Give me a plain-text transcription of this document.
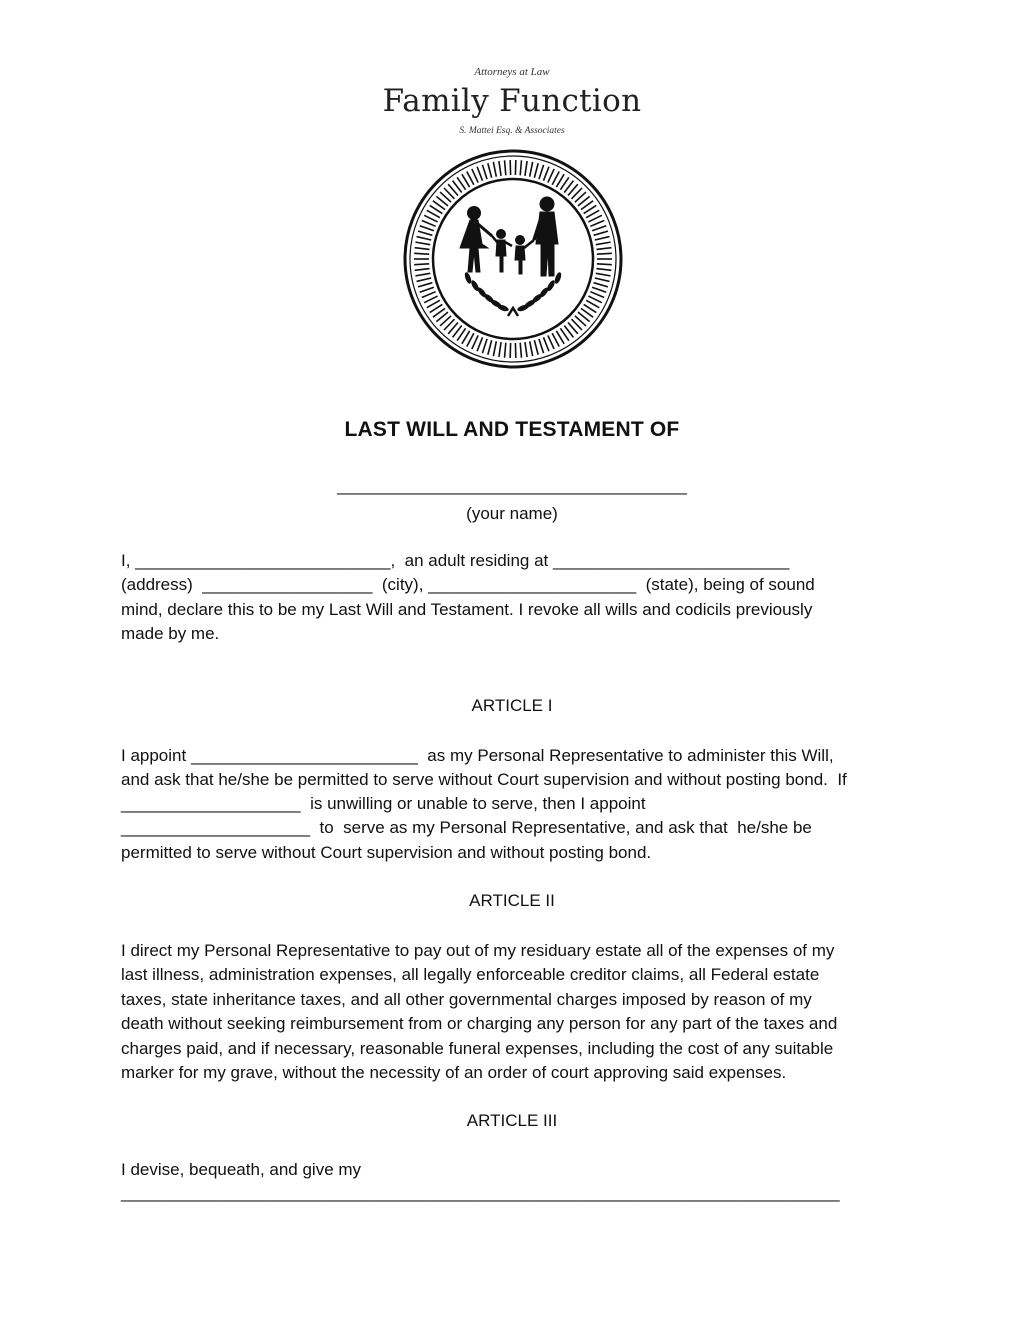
Attorneys at Law
Family Function
S. Mattei Esq. & Associates
LAST WILL AND TESTAMENT OF
_____________________________________
(your name)
I, ___________________________,  an adult residing at _________________________
(address)  __________________  (city), ______________________  (state), being of sound
mind, declare this to be my Last Will and Testament. I revoke all wills and codicils previously
made by me.
ARTICLE I
I appoint ________________________  as my Personal Representative to administer this Will,
and ask that he/she be permitted to serve without Court supervision and without posting bond.  If
___________________  is unwilling or unable to serve, then I appoint
____________________  to  serve as my Personal Representative, and ask that  he/she be
permitted to serve without Court supervision and without posting bond.
ARTICLE II
I direct my Personal Representative to pay out of my residuary estate all of the expenses of my
last illness, administration expenses, all legally enforceable creditor claims, all Federal estate
taxes, state inheritance taxes, and all other governmental charges imposed by reason of my
death without seeking reimbursement from or charging any person for any part of the taxes and
charges paid, and if necessary, reasonable funeral expenses, including the cost of any suitable
marker for my grave, without the necessity of an order of court approving said expenses.
ARTICLE III
I devise, bequeath, and give my
____________________________________________________________________________
